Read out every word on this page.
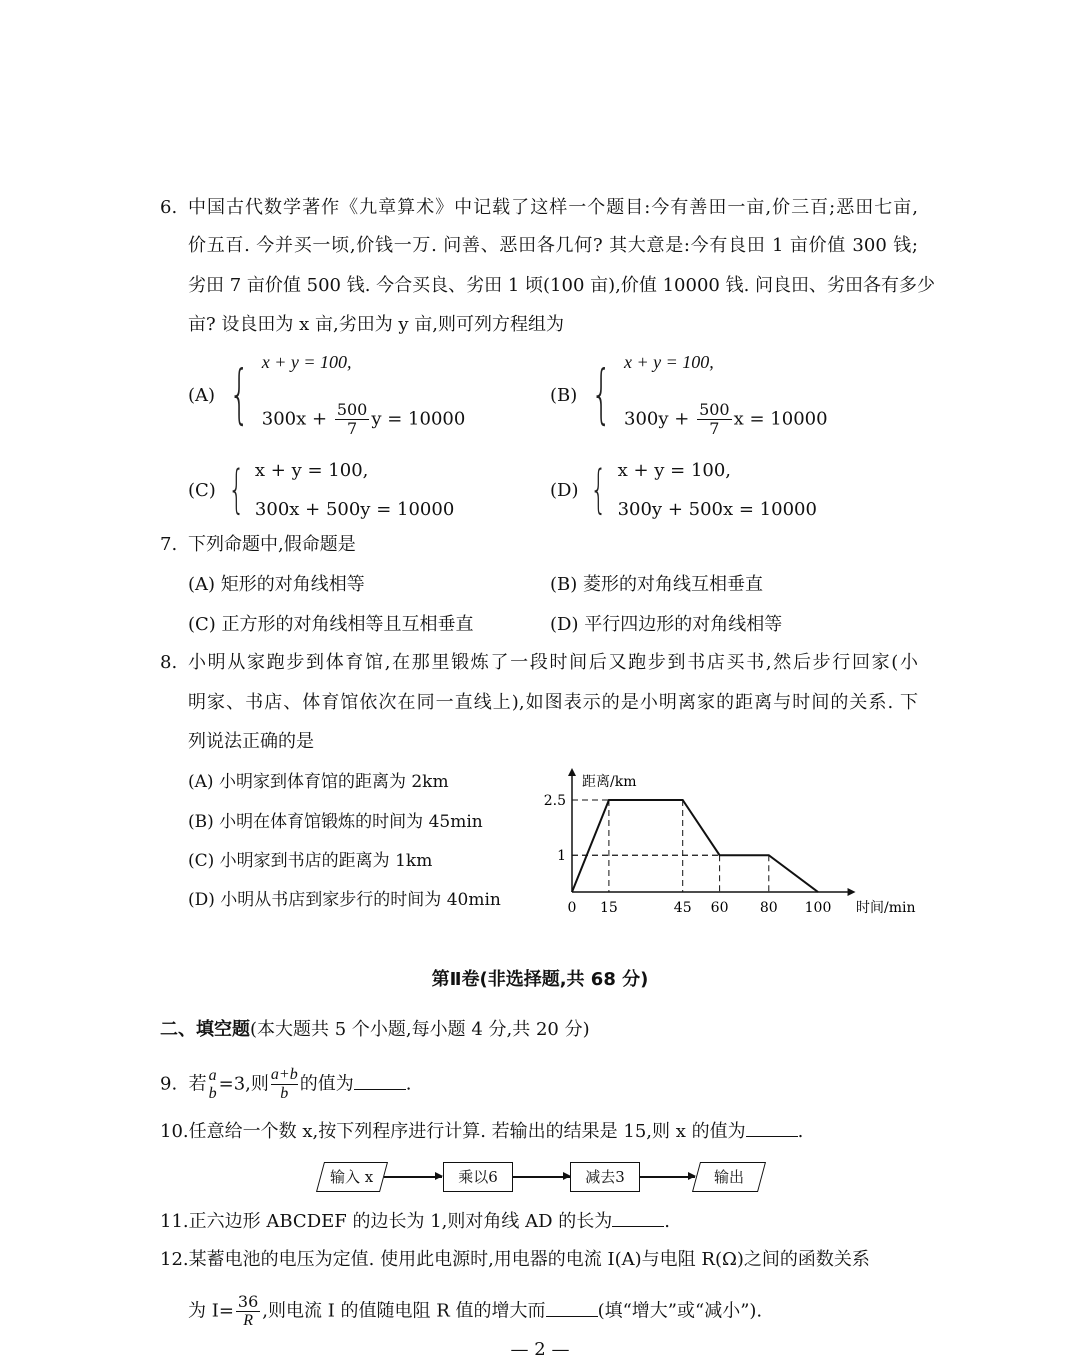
6. 中国古代数学著作《九章算术》中记载了这样一个题目:今有善田一亩,价三百;恶田七亩,
价五百. 今并买一顷,价钱一万. 问善、恶田各几何? 其大意是:今有良田 1 亩价值 300 钱;
劣田 7 亩价值 500 钱. 今合买良、劣田 1 顷(100 亩),价值 10000 钱. 问良田、劣田各有多少
亩? 设良田为 x 亩,劣田为 y 亩,则可列方程组为
(A) { x + y = 100,
$300x + \frac{500}{7}$ y = 10000
(B) { x + y = 100,
$300y + \frac{500}{7}$ x = 10000
(C) { x + y = 100,
300x + 500y = 10000
(D) { x + y = 100,
300y + 500x = 10000
7. 下列命题中,假命题是
(A) 矩形的对角线相等	(B) 菱形的对角线互相垂直
(C) 正方形的对角线相等且互相垂直	(D) 平行四边形的对角线相等
8. 小明从家跑步到体育馆,在那里锻炼了一段时间后又跑步到书店买书,然后步行回家(小
明家、书店、体育馆依次在同一直线上),如图表示的是小明离家的距离与时间的关系. 下
列说法正确的是
(A) 小明家到体育馆的距离为 2km
(B) 小明在体育馆锻炼的时间为 45min
(C) 小明家到书店的距离为 1km
(D) 小明从书店到家步行的时间为 40min	0 15	45 60 80 100
2.5
1
距离/km
时间/min
第Ⅱ卷(非选择题,共 68 分)
二、填空题(本大题共 5 个小题,每小题 4 分,共 20 分)
9. 若 a
b =3,则 $\frac{a+b}{b}$ 的值为	.
10.任意给一个数 x,按下列程序进行计算. 若输出的结果是 15,则 x 的值为	.
输入 x	乘以6	减去3	输出
11.正六边形 ABCDEF 的边长为 1,则对角线 AD 的长为	.
12.某蓄电池的电压为定值. 使用此电源时,用电器的电流 I(A)与电阻 R(Ω)之间的函数关系
为 $I= \frac{36}{R}$ ,则电流 I 的值随电阻 R 值的增大而	(填“增大”或“减小”).
— 2 —
